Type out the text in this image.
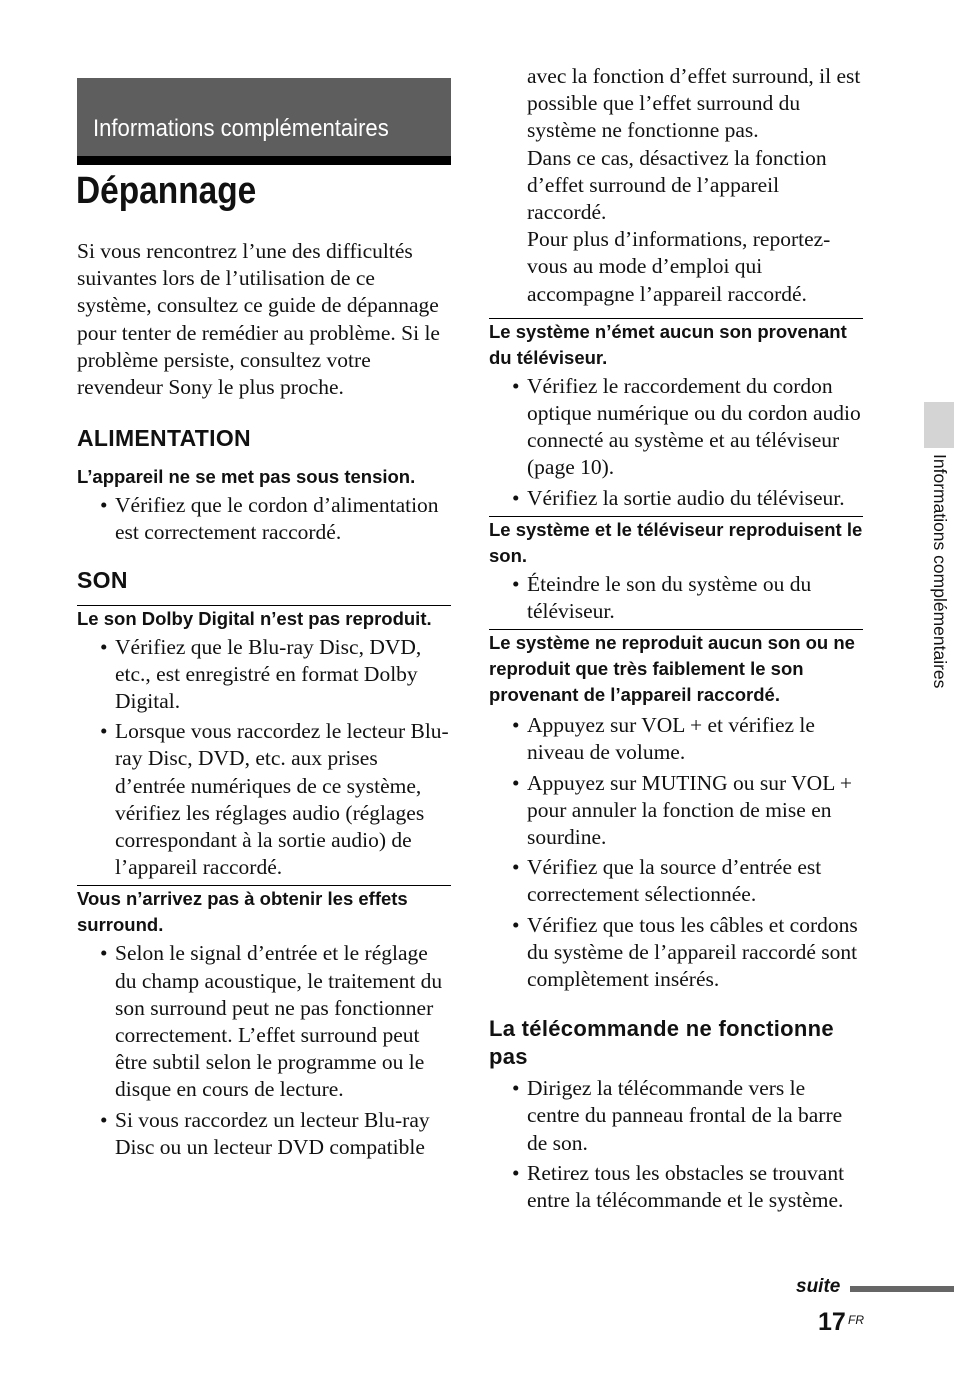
Informations complémentaires
Dépannage

Si vous rencontrez l’une des difficultés suivantes lors de l’utilisation de ce système, consultez ce guide de dépannage pour tenter de remédier au problème. Si le problème persiste, consultez votre revendeur Sony le plus proche.

ALIMENTATION
L’appareil ne se met pas sous tension.
• Vérifiez que le cordon d’alimentation est correctement raccordé.
SON
Le son Dolby Digital n’est pas reproduit.
• Vérifiez que le Blu-ray Disc, DVD, etc., est enregistré en format Dolby Digital.
• Lorsque vous raccordez le lecteur Blu-ray Disc, DVD, etc. aux prises d’entrée numériques de ce système, vérifiez les réglages audio (réglages correspondant à la sortie audio) de l’appareil raccordé.
Vous n’arrivez pas à obtenir les effets surround.
• Selon le signal d’entrée et le réglage du champ acoustique, le traitement du son surround peut ne pas fonctionner correctement. L’effet surround peut être subtil selon le programme ou le disque en cours de lecture.
• Si vous raccordez un lecteur Blu-ray Disc ou un lecteur DVD compatible

avec la fonction d’effet surround, il est possible que l’effet surround du système ne fonctionne pas.

Dans ce cas, désactivez la fonction d’effet surround de l’appareil raccordé.

Pour plus d’informations, reportez-vous au mode d’emploi qui accompagne l’appareil raccordé.

Le système n’émet aucun son provenant du téléviseur.
• Vérifiez le raccordement du cordon optique numérique ou du cordon audio connecté au système et au téléviseur (page 10).
• Vérifiez la sortie audio du téléviseur.
Le système et le téléviseur reproduisent le son.
• Éteindre le son du système ou du téléviseur.
Le système ne reproduit aucun son ou ne reproduit que très faiblement le son provenant de l’appareil raccordé.
• Appuyez sur VOL + et vérifiez le niveau de volume.
• Appuyez sur MUTING ou sur VOL + pour annuler la fonction de mise en sourdine.
• Vérifiez que la source d’entrée est correctement sélectionnée.
• Vérifiez que tous les câbles et cordons du système de l’appareil raccordé sont complètement insérés.
La télécommande ne fonctionne pas
• Dirigez la télécommande vers le centre du panneau frontal de la barre de son.
• Retirez tous les obstacles se trouvant entre la télécommande et le système.
Informations complémentaires
suite
17 FR
